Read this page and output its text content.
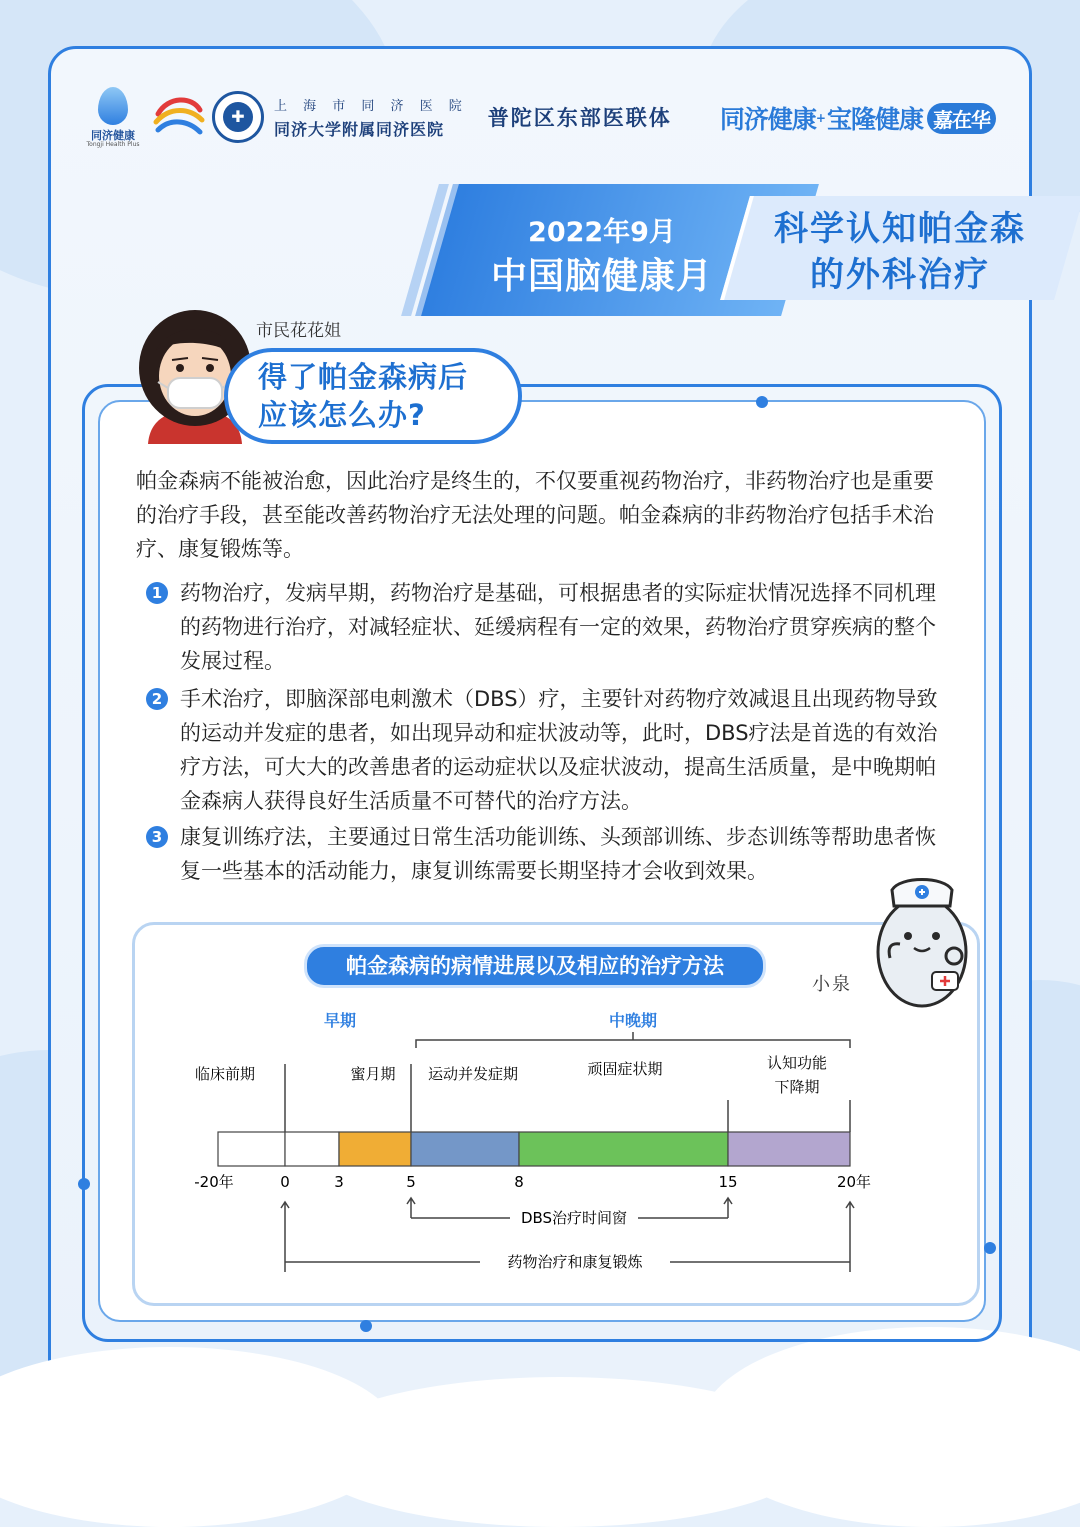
同济健康
Tongji Health Plus
✚
上 海 市 同 济 医 院
同济大学附属同济医院	普陀区东部医联体 同济健康 + 宝隆健康 嘉在华
2022年9月
中国脑健康月
科学认知帕金森
的外科治疗
市民花花姐
得了帕金森病后
应该怎么办?
帕金森病不能被治愈，因此治疗是终生的，不仅要重视药物治疗，非药物治疗也是重要的治疗手段，甚至能改善药物治疗无法处理的问题。帕金森病的非药物治疗包括手术治疗、康复锻炼等。
1 药物治疗，发病早期，药物治疗是基础，可根据患者的实际症状情况选择不同机理的药物进行治疗，对减轻症状、延缓病程有一定的效果，药物治疗贯穿疾病的整个发展过程。
2 手术治疗，即脑深部电刺激术（DBS）疗，主要针对药物疗效减退且出现药物导致的运动并发症的患者，如出现异动和症状波动等，此时，DBS疗法是首选的有效治疗方法，可大大的改善患者的运动症状以及症状波动，提高生活质量，是中晚期帕金森病人获得良好生活质量不可替代的治疗方法。
3 康复训练疗法，主要通过日常生活功能训练、头颈部训练、步态训练等帮助患者恢复一些基本的活动能力，康复训练需要长期坚持才会收到效果。
帕金森病的病情进展以及相应的治疗方法
小泉
早期	中晚期
临床前期	蜜月期 运动并发症期	顽固症状期	认知功能
下降期
-20年	0	3	5	8	15	20年
DBS治疗时间窗
药物治疗和康复锻炼
